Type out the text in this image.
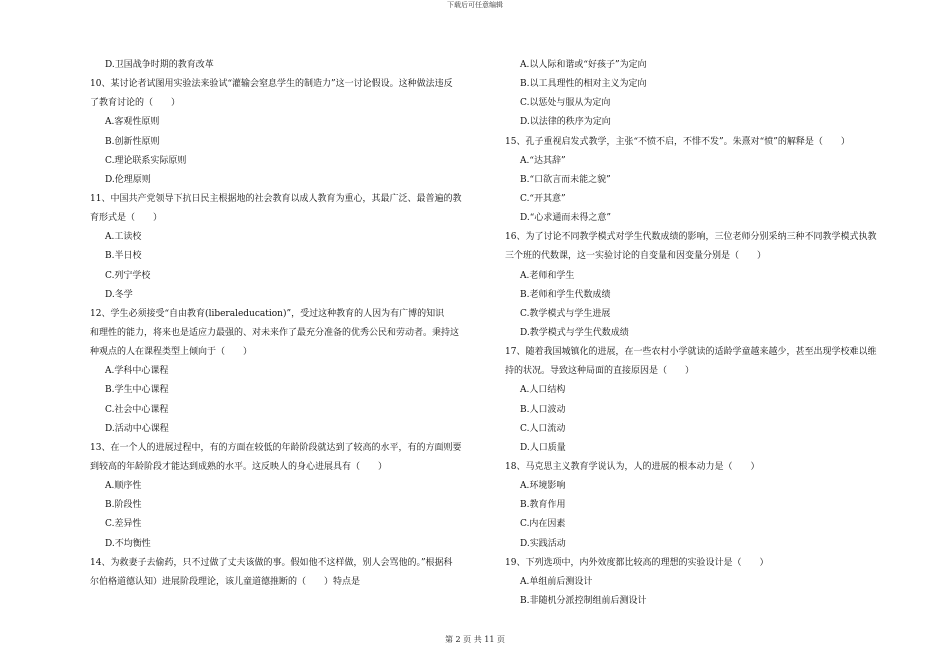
下载后可任意编辑
D.卫国战争时期的教育改革
10、某讨论者试图用实验法来验试“灌输会窒息学生的制造力”这一讨论假设。这种做法违反
了教育讨论的（　　）
A.客观性原则
B.创新性原则
C.理论联系实际原则
D.伦理原则
11、中国共产党领导下抗日民主根据地的社会教育以成人教育为重心，其最广泛、最普遍的教
育形式是（　　）
A.工读校
B.半日校
C.列宁学校
D.冬学
12、学生必须接受“自由教育(liberaleducation)”，受过这种教育的人因为有广博的知识
和理性的能力，将来也是适应力最强的、对未来作了最充分准备的优秀公民和劳动者。秉持这
种观点的人在课程类型上倾向于（　　）
A.学科中心课程
B.学生中心课程
C.社会中心课程
D.活动中心课程
13、在一个人的进展过程中，有的方面在较低的年龄阶段就达到了较高的水平，有的方面则要
到较高的年龄阶段才能达到成熟的水平。这反映人的身心进展具有（　　）
A.顺序性
B.阶段性
C.差异性
D.不均衡性
14、为救妻子去偷药，只不过做了丈夫该做的事。假如他不这样做，别人会骂他的。”根据科
尔伯格道德认知）进展阶段理论，该儿童道德推断的（　　）特点是
A.以人际和谐或“好孩子”为定向
B.以工具理性的相对主义为定向
C.以惩处与服从为定向
D.以法律的秩序为定向
15、孔子重视启发式教学，主张“不愤不启，不悱不发”。朱熹对“愤”的解释是（　　）
A.“达其辞”
B.“口欲言而未能之貌”
C.“开其意”
D.“心求通而未得之意”
16、为了讨论不同教学模式对学生代数成绩的影响，三位老师分别采纳三种不同教学模式执教
三个班的代数课，这一实验讨论的自变量和因变量分别是（　　）
A.老师和学生
B.老师和学生代数成绩
C.教学模式与学生进展
D.教学模式与学生代数成绩
17、随着我国城镇化的进展，在一些农村小学就读的适龄学童越来越少，甚至出现学校难以维
持的状况。导致这种局面的直接原因是（　　）
A.人口结构
B.人口波动
C.人口流动
D.人口质量
18、马克思主义教育学说认为，人的进展的根本动力是（　　）
A.环境影响
B.教育作用
C.内在因素
D.实践活动
19、下列选项中，内外效度都比较高的理想的实验设计是（　　）
A.单组前后测设计
B.非随机分派控制组前后测设计
第 2 页 共 11 页
